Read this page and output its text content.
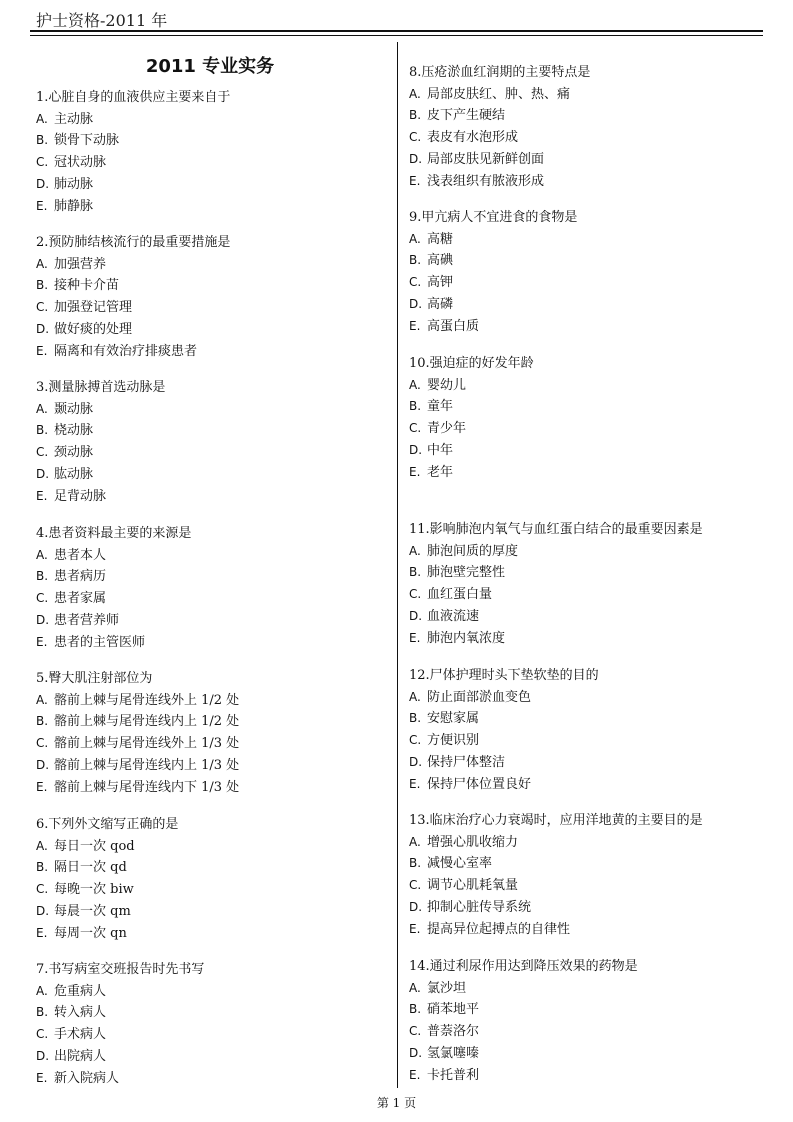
护士资格-2011 年
2011 专业实务
1.心脏自身的血液供应主要来自于
A. 主动脉
B. 锁骨下动脉
C. 冠状动脉
D. 肺动脉
E. 肺静脉
2.预防肺结核流行的最重要措施是
A. 加强营养
B. 接种卡介苗
C. 加强登记管理
D. 做好痰的处理
E. 隔离和有效治疗排痰患者
3.测量脉搏首选动脉是
A. 颞动脉
B. 桡动脉
C. 颈动脉
D. 肱动脉
E. 足背动脉
4.患者资料最主要的来源是
A. 患者本人
B. 患者病历
C. 患者家属
D. 患者营养师
E. 患者的主管医师
5.臀大肌注射部位为
A. 髂前上棘与尾骨连线外上 1/2 处
B. 髂前上棘与尾骨连线内上 1/2 处
C. 髂前上棘与尾骨连线外上 1/3 处
D. 髂前上棘与尾骨连线内上 1/3 处
E. 髂前上棘与尾骨连线内下 1/3 处
6.下列外文缩写正确的是
A. 每日一次 qod
B. 隔日一次 qd
C. 每晚一次 biw
D. 每晨一次 qm
E. 每周一次 qn
7.书写病室交班报告时先书写
A. 危重病人
B. 转入病人
C. 手术病人
D. 出院病人
E. 新入院病人
8.压疮淤血红润期的主要特点是
A. 局部皮肤红、肿、热、痛
B. 皮下产生硬结
C. 表皮有水泡形成
D. 局部皮肤见新鲜创面
E. 浅表组织有脓液形成
9.甲亢病人不宜进食的食物是
A. 高糖
B. 高碘
C. 高钾
D. 高磷
E. 高蛋白质
10.强迫症的好发年龄
A. 婴幼儿
B. 童年
C. 青少年
D. 中年
E. 老年
11.影响肺泡内氧气与血红蛋白结合的最重要因素是
A. 肺泡间质的厚度
B. 肺泡壁完整性
C. 血红蛋白量
D. 血液流速
E. 肺泡内氧浓度
12.尸体护理时头下垫软垫的目的
A. 防止面部淤血变色
B. 安慰家属
C. 方便识别
D. 保持尸体整洁
E. 保持尸体位置良好
13.临床治疗心力衰竭时，应用洋地黄的主要目的是
A. 增强心肌收缩力
B. 减慢心室率
C. 调节心肌耗氧量
D. 抑制心脏传导系统
E. 提高异位起搏点的自律性
14.通过利尿作用达到降压效果的药物是
A. 氯沙坦
B. 硝苯地平
C. 普萘洛尔
D. 氢氯噻嗪
E. 卡托普利
第 1 页
